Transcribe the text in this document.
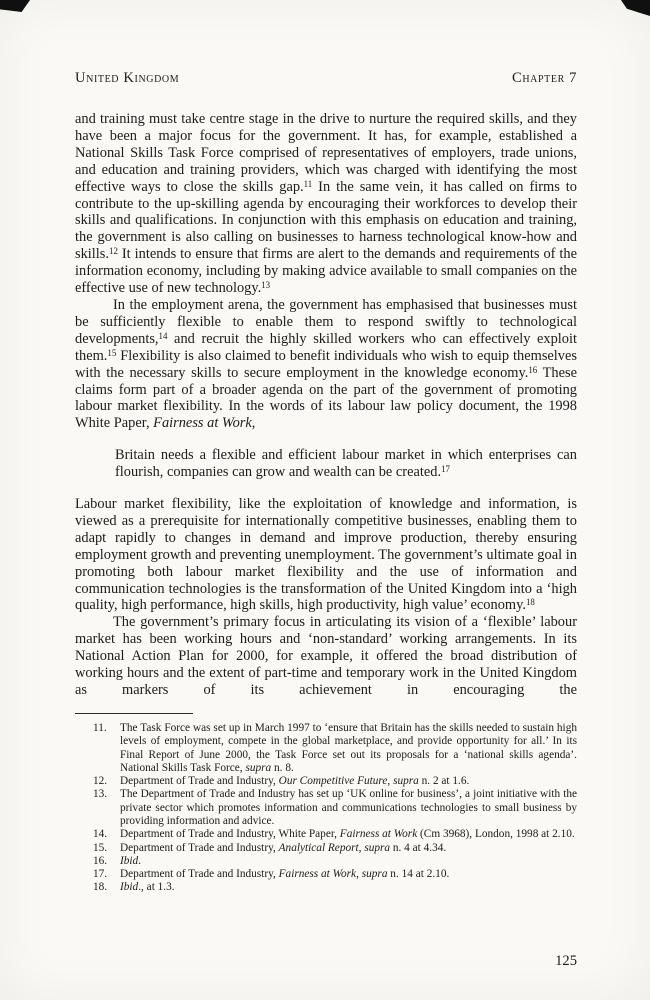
United Kingdom	Chapter 7

and training must take centre stage in the drive to nurture the required skills, and they have been a major focus for the government. It has, for example, established a National Skills Task Force comprised of representatives of employers, trade unions, and education and training providers, which was charged with identifying the most effective ways to close the skills gap.$^{11}$ In the same vein, it has called on firms to contribute to the up-skilling agenda by encouraging their workforces to develop their skills and qualifications. In conjunction with this emphasis on education and training, the government is also calling on businesses to harness technological know-how and skills.$^{12}$ It intends to ensure that firms are alert to the demands and requirements of the information economy, including by making advice available to small companies on the effective use of new technology.$^{13}$

In the employment arena, the government has emphasised that businesses must be sufficiently flexible to enable them to respond swiftly to technological developments,$^{14}$ and recruit the highly skilled workers who can effectively exploit them.$^{15}$ Flexibility is also claimed to benefit individuals who wish to equip themselves with the necessary skills to secure employment in the knowledge economy.$^{16}$ These claims form part of a broader agenda on the part of the government of promoting labour market flexibility. In the words of its labour law policy document, the 1998 White Paper, Fairness at Work,

Britain needs a flexible and efficient labour market in which enterprises can flourish, companies can grow and wealth can be created.$^{17}$

Labour market flexibility, like the exploitation of knowledge and information, is viewed as a prerequisite for internationally competitive businesses, enabling them to adapt rapidly to changes in demand and improve production, thereby ensuring employment growth and preventing unemployment. The government’s ultimate goal in promoting both labour market flexibility and the use of information and communication technologies is the transformation of the United Kingdom into a ‘high quality, high performance, high skills, high productivity, high value’ economy.$^{18}$

The government’s primary focus in articulating its vision of a ‘flexible’ labour market has been working hours and ‘non-standard’ working arrangements. In its National Action Plan for 2000, for example, it offered the broad distribution of working hours and the extent of part-time and temporary work in the United Kingdom as markers of its achievement in encouraging the

11.	The Task Force was set up in March 1997 to ‘ensure that Britain has the skills needed to sustain high levels of employment, compete in the global marketplace, and provide opportunity for all.’ In its Final Report of June 2000, the Task Force set out its proposals for a ‘national skills agenda’. National Skills Task Force, supra n. 8.
12.	Department of Trade and Industry, Our Competitive Future, supra n. 2 at 1.6.
13.	The Department of Trade and Industry has set up ‘UK online for business’, a joint initiative with the private sector which promotes information and communications technologies to small business by providing information and advice.
14.	Department of Trade and Industry, White Paper, Fairness at Work (Cm 3968), London, 1998 at 2.10.
15.	Department of Trade and Industry, Analytical Report, supra n. 4 at 4.34.
16.	Ibid.
17.	Department of Trade and Industry, Fairness at Work, supra n. 14 at 2.10.
18.	Ibid., at 1.3.
125
